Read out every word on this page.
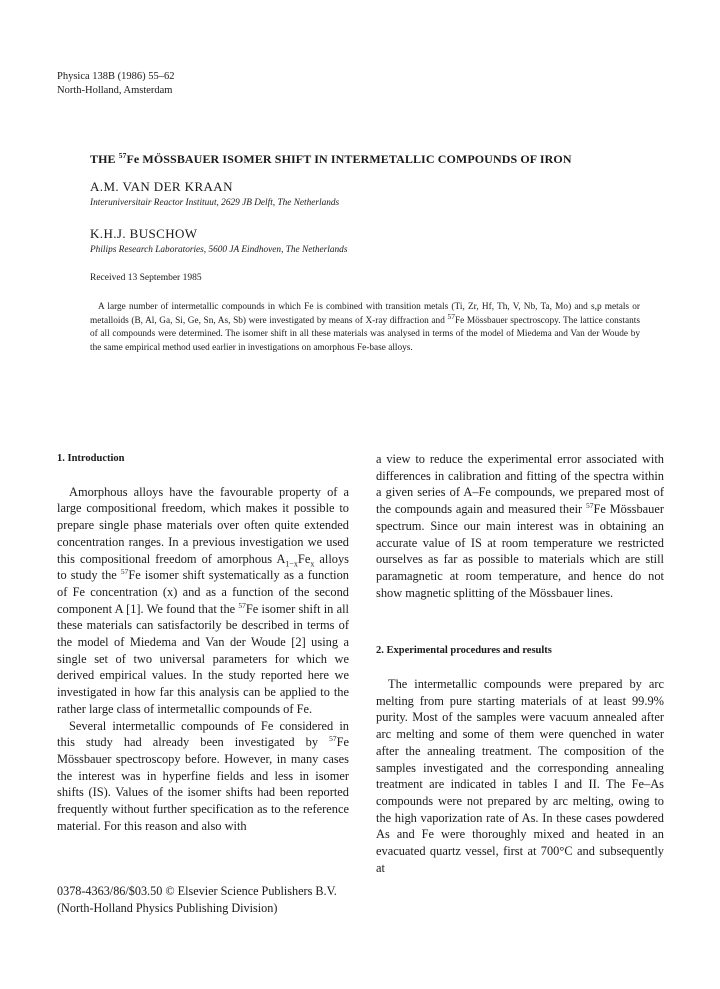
Physica 138B (1986) 55–62
North-Holland, Amsterdam
THE $^{57}$Fe MÖSSBAUER ISOMER SHIFT IN INTERMETALLIC COMPOUNDS OF IRON
A.M. VAN DER KRAAN
Interuniversitair Reactor Instituut, 2629 JB Delft, The Netherlands
K.H.J. BUSCHOW
Philips Research Laboratories, 5600 JA Eindhoven, The Netherlands
Received 13 September 1985
A large number of intermetallic compounds in which Fe is combined with transition metals (Ti, Zr, Hf, Th, V, Nb, Ta, Mo) and s,p metals or metalloids (B, Al, Ga, Si, Ge, Sn, As, Sb) were investigated by means of X-ray diffraction and $^{57}$Fe Mössbauer spectroscopy. The lattice constants of all compounds were determined. The isomer shift in all these materials was analysed in terms of the model of Miedema and Van der Woude by the same empirical method used earlier in investigations on amorphous Fe-base alloys.

1. Introduction

Amorphous alloys have the favourable property of a large compositional freedom, which makes it possible to prepare single phase materials over often quite extended concentration ranges. In a previous investigation we used this compositional freedom of amorphous $A_{1-x}Fe_x$ alloys to study the $^{57}$Fe isomer shift systematically as a function of Fe concentration (x) and as a function of the second component A [1]. We found that the $^{57}$Fe isomer shift in all these materials can satisfactorily be described in terms of the model of Miedema and Van der Woude [2] using a single set of two universal parameters for which we derived empirical values. In the study reported here we investigated in how far this analysis can be applied to the rather large class of intermetallic compounds of Fe.

Several intermetallic compounds of Fe considered in this study had already been investigated by $^{57}$Fe Mössbauer spectroscopy before. However, in many cases the interest was in hyperfine fields and less in isomer shifts (IS). Values of the isomer shifts had been reported frequently without further specification as to the reference material. For this reason and also with

a view to reduce the experimental error associated with differences in calibration and fitting of the spectra within a given series of A–Fe compounds, we prepared most of the compounds again and measured their $^{57}$Fe Mössbauer spectrum. Since our main interest was in obtaining an accurate value of IS at room temperature we restricted ourselves as far as possible to materials which are still paramagnetic at room temperature, and hence do not show magnetic splitting of the Mössbauer lines.

2. Experimental procedures and results

The intermetallic compounds were prepared by arc melting from pure starting materials of at least 99.9% purity. Most of the samples were vacuum annealed after arc melting and some of them were quenched in water after the annealing treatment. The composition of the samples investigated and the corresponding annealing treatment are indicated in tables I and II. The Fe–As compounds were not prepared by arc melting, owing to the high vaporization rate of As. In these cases powdered As and Fe were thoroughly mixed and heated in an evacuated quartz vessel, first at 700°C and subsequently at

0378-4363/86/$03.50 © Elsevier Science Publishers B.V.
(North-Holland Physics Publishing Division)
